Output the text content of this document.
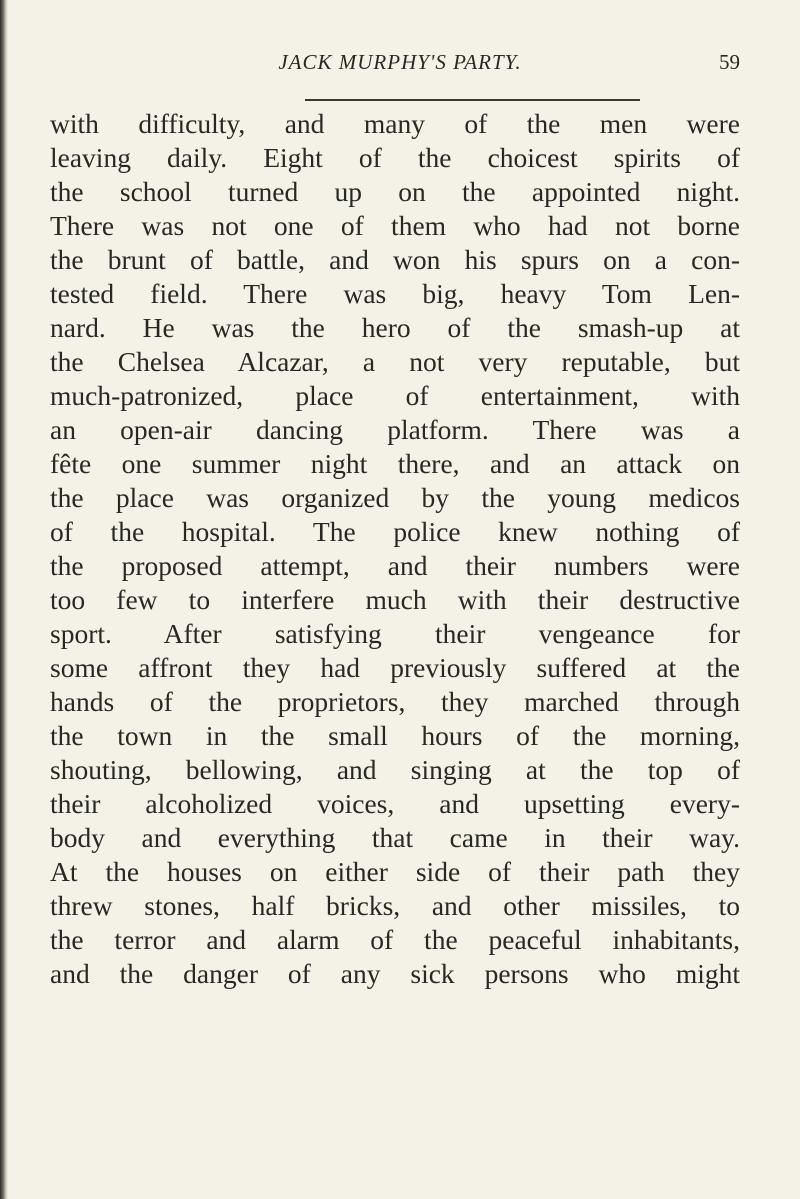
JACK MURPHY'S PARTY.	59
with difficulty, and many of the men were
leaving daily. Eight of the choicest spirits of
the school turned up on the appointed night.
There was not one of them who had not borne
the brunt of battle, and won his spurs on a con-
tested field. There was big, heavy Tom Len-
nard. He was the hero of the smash-up at
the Chelsea Alcazar, a not very reputable, but
much-patronized, place of entertainment, with
an open-air dancing platform. There was a
fête one summer night there, and an attack on
the place was organized by the young medicos
of the hospital. The police knew nothing of
the proposed attempt, and their numbers were
too few to interfere much with their destructive
sport. After satisfying their vengeance for
some affront they had previously suffered at the
hands of the proprietors, they marched through
the town in the small hours of the morning,
shouting, bellowing, and singing at the top of
their alcoholized voices, and upsetting every-
body and everything that came in their way.
At the houses on either side of their path they
threw stones, half bricks, and other missiles, to
the terror and alarm of the peaceful inhabitants,
and the danger of any sick persons who might
